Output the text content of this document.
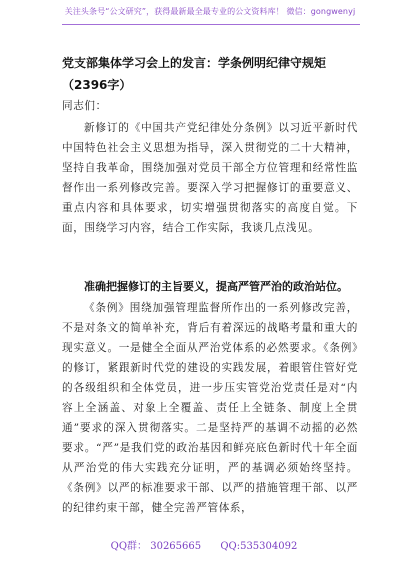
关注头条号“公文研究”，获得最新最全最专业的公文资料库！ 微信：gongwenyj
党支部集体学习会上的发言：学条例明纪律守规矩（2396字）
同志们：
新修订的《中国共产党纪律处分条例》以习近平新时代中国特色社会主义思想为指导，深入贯彻党的二十大精神，坚持自我革命，围绕加强对党员干部全方位管理和经常性监督作出一系列修改完善。要深入学习把握修订的重要意义、重点内容和具体要求，切实增强贯彻落实的高度自觉。下面，围绕学习内容，结合工作实际，我谈几点浅见。
准确把握修订的主旨要义，提高严管严治的政治站位。
《条例》围绕加强管理监督所作出的一系列修改完善，不是对条文的简单补充，背后有着深远的战略考量和重大的现实意义。一是健全全面从严治党体系的必然要求。《条例》的修订，紧跟新时代党的建设的实践发展，着眼管住管好党的各级组织和全体党员，进一步压实管党治党责任是对“内容上全涵盖、对象上全覆盖、责任上全链条、制度上全贯通”要求的深入贯彻落实。二是坚持严的基调不动摇的必然要求。“严”是我们党的政治基因和鲜亮底色新时代十年全面从严治党的伟大实践充分证明，严的基调必须始终坚持。《条例》以严的标准要求干部、以严的措施管理干部、以严的纪律约束干部，健全完善严管体系，
QQ群： 30265665 QQ:535304092
